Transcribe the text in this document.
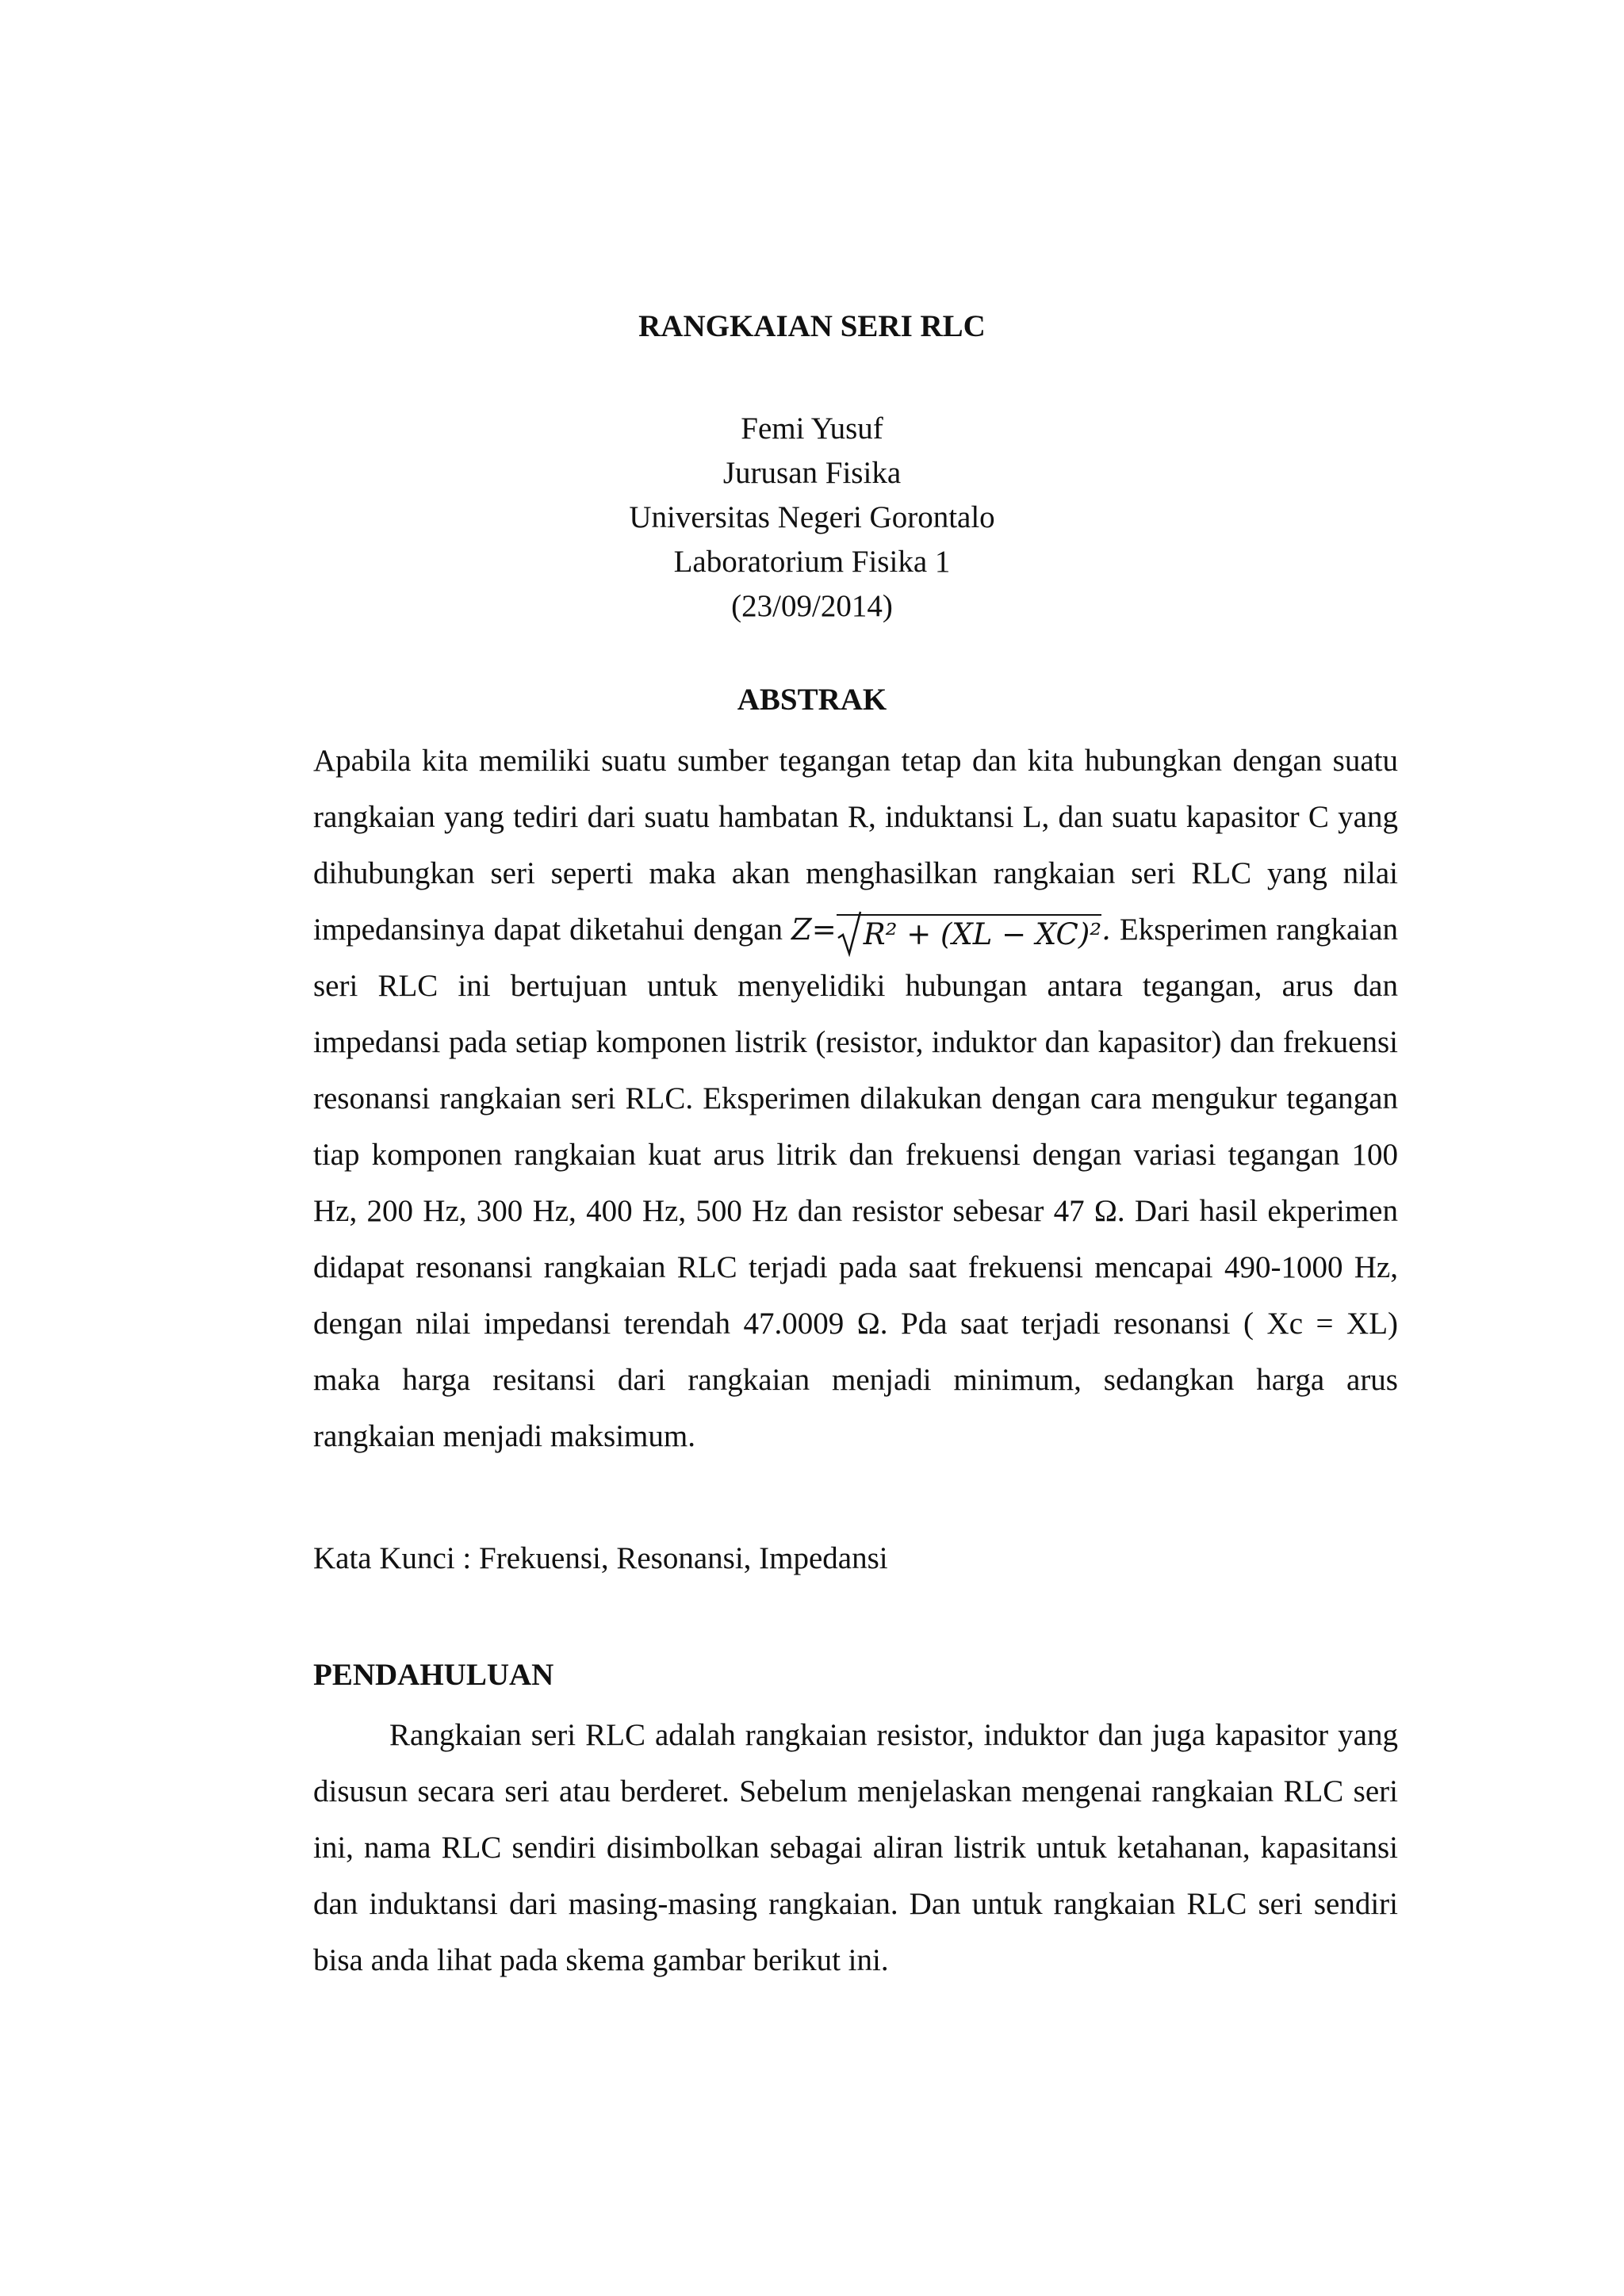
RANGKAIAN SERI RLC
Femi Yusuf
Jurusan Fisika
Universitas Negeri Gorontalo
Laboratorium Fisika 1
(23/09/2014)
ABSTRAK

Apabila kita memiliki suatu sumber tegangan tetap dan kita hubungkan dengan suatu rangkaian yang tediri dari suatu hambatan R, induktansi L, dan suatu kapasitor C yang dihubungkan seri seperti maka akan menghasilkan rangkaian seri RLC yang nilai impedansinya dapat diketahui dengan Z= R² + (XL − XC)². Eksperimen rangkaian seri RLC ini bertujuan untuk menyelidiki hubungan antara tegangan, arus dan impedansi pada setiap komponen listrik (resistor, induktor dan kapasitor) dan frekuensi resonansi rangkaian seri RLC. Eksperimen dilakukan dengan cara mengukur tegangan tiap komponen rangkaian kuat arus litrik dan frekuensi dengan variasi tegangan 100 Hz, 200 Hz, 300 Hz, 400 Hz, 500 Hz dan resistor sebesar 47 Ω. Dari hasil ekperimen didapat resonansi rangkaian RLC terjadi pada saat frekuensi mencapai 490-1000 Hz, dengan nilai impedansi terendah 47.0009 Ω. Pda saat terjadi resonansi ( Xc = XL) maka harga resitansi dari rangkaian menjadi minimum, sedangkan harga arus rangkaian menjadi maksimum.

Kata Kunci : Frekuensi, Resonansi, Impedansi

PENDAHULUAN

Rangkaian seri RLC adalah rangkaian resistor, induktor dan juga kapasitor yang disusun secara seri atau berderet. Sebelum menjelaskan mengenai rangkaian RLC seri ini, nama RLC sendiri disimbolkan sebagai aliran listrik untuk ketahanan, kapasitansi dan induktansi dari masing-masing rangkaian. Dan untuk rangkaian RLC seri sendiri bisa anda lihat pada skema gambar berikut ini.
